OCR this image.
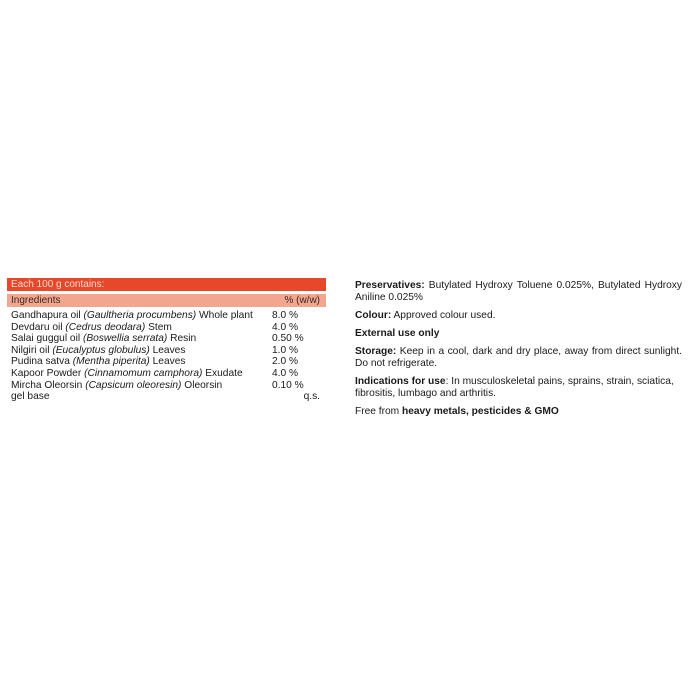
Each 100 g contains:
Ingredients	% (w/w)
Gandhapura oil (Gaultheria procumbens) Whole plant 8.0 %
Devdaru oil (Cedrus deodara) Stem	4.0 %
Salai guggul oil (Boswellia serrata) Resin	0.50 %
Nilgiri oil (Eucalyptus globulus) Leaves	1.0 %
Pudina satva (Mentha piperita) Leaves	2.0 %
Kapoor Powder (Cinnamomum camphora) Exudate	4.0 %
Mircha Oleorsin (Capsicum oleoresin) Oleorsin	0.10 %
gel base	q.s.

Preservatives: Butylated Hydroxy Toluene 0.025%, Butylated Hydroxy Aniline 0.025%

Colour: Approved colour used.

External use only

Storage: Keep in a cool, dark and dry place, away from direct sunlight. Do not refrigerate.

Indications for use: In musculoskeletal pains, sprains, strain, sciatica, fibrositis, lumbago and arthritis.

Free from heavy metals, pesticides & GMO
